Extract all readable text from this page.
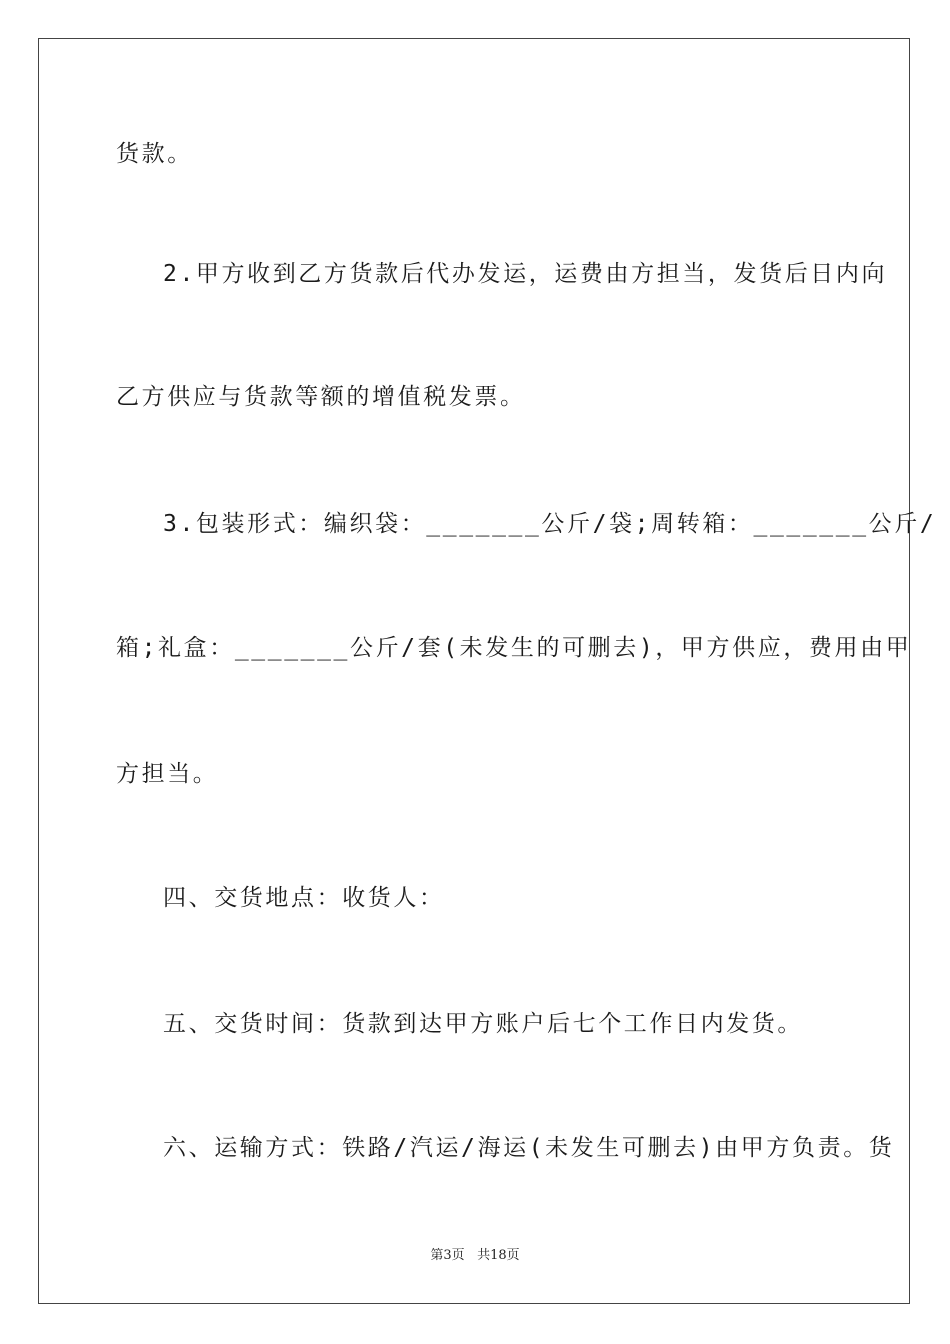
货款。
2.甲方收到乙方货款后代办发运，运费由方担当，发货后日内向
乙方供应与货款等额的增值税发票。
3.包装形式：编织袋：_______公斤/袋;周转箱：_______公斤/
箱;礼盒：_______公斤/套(未发生的可删去)，甲方供应，费用由甲
方担当。
四、交货地点：收货人：
五、交货时间：货款到达甲方账户后七个工作日内发货。
六、运输方式：铁路/汽运/海运(未发生可删去)由甲方负责。货
第3页 共18页
